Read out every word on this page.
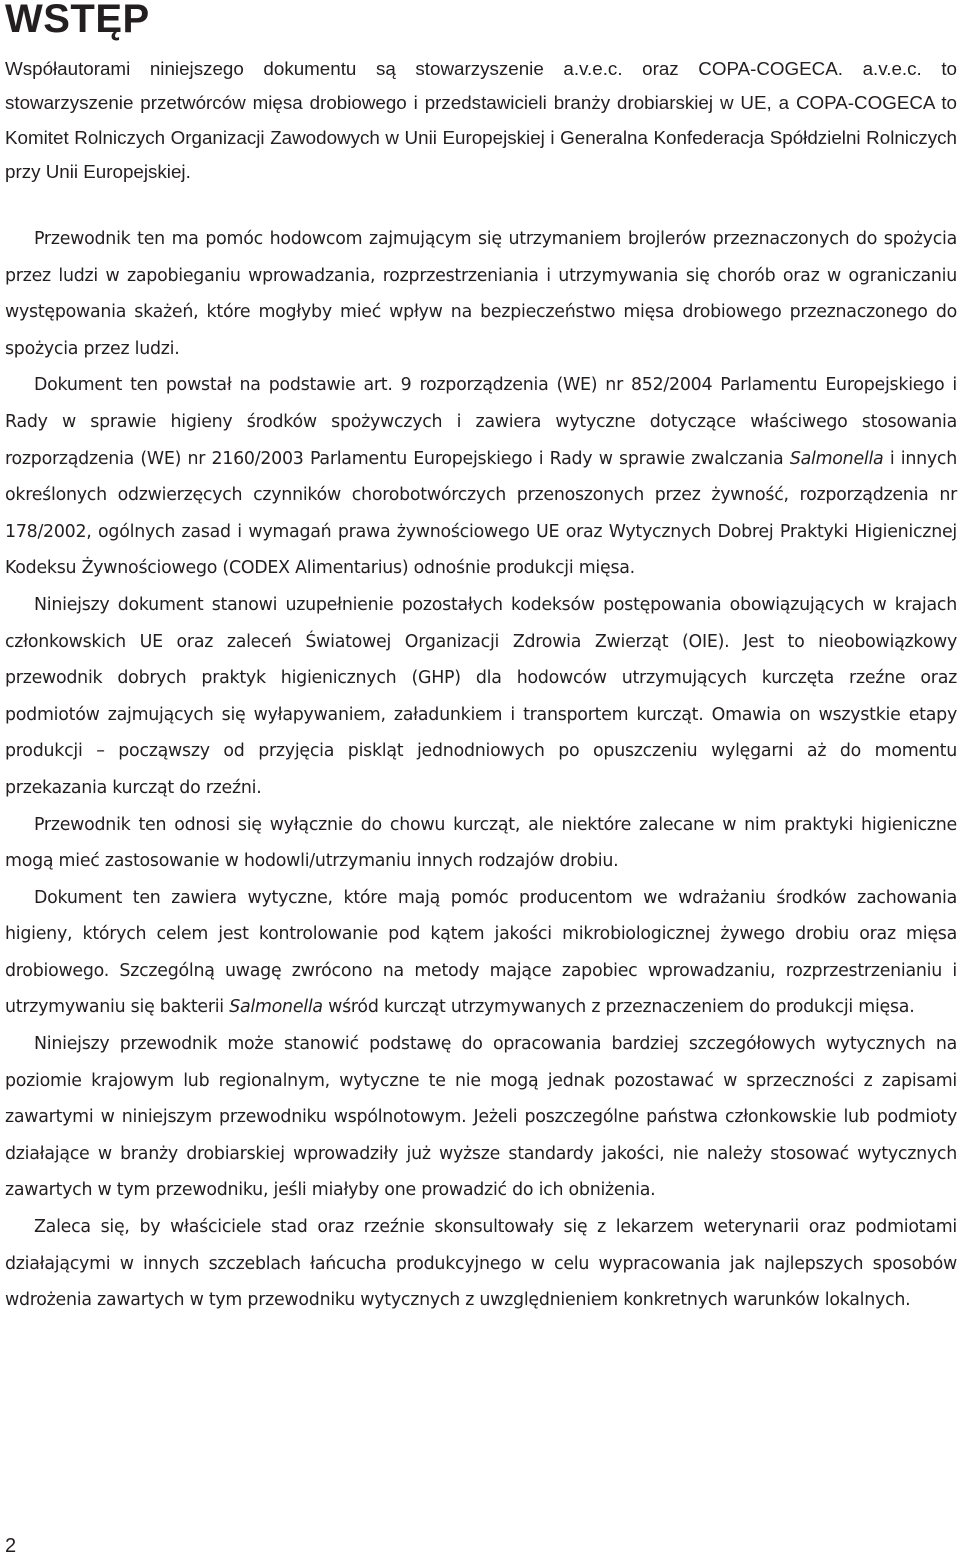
WSTĘP

Współautorami niniejszego dokumentu są stowarzyszenie a.v.e.c. oraz COPA-COGECA. a.v.e.c. to stowarzyszenie przetwórców mięsa drobiowego i przedstawicieli branży drobiarskiej w UE, a COPA-COGECA to Komitet Rolniczych Organizacji Zawodowych w Unii Europejskiej i Generalna Konfederacja Spółdzielni Rolniczych przy Unii Europejskiej.

Przewodnik ten ma pomóc hodowcom zajmującym się utrzymaniem brojlerów przeznaczonych do spożycia przez ludzi w zapobieganiu wprowadzania, rozprzestrzeniania i utrzymywania się chorób oraz w ograniczaniu występowania skażeń, które mogłyby mieć wpływ na bezpieczeństwo mięsa drobiowego przeznaczonego do spożycia przez ludzi.

Dokument ten powstał na podstawie art. 9 rozporządzenia (WE) nr 852/2004 Parlamentu Europejskiego i Rady w sprawie higieny środków spożywczych i zawiera wytyczne dotyczące właściwego stosowania rozporządzenia (WE) nr 2160/2003 Parlamentu Europejskiego i Rady w sprawie zwalczania Salmonella i innych określonych odzwierzęcych czynników chorobotwórczych przenoszonych przez żywność, rozporządzenia nr 178/2002, ogólnych zasad i wymagań prawa żywnościowego UE oraz Wytycznych Dobrej Praktyki Higienicznej Kodeksu Żywnościowego (CODEX Alimentarius) odnośnie produkcji mięsa.

Niniejszy dokument stanowi uzupełnienie pozostałych kodeksów postępowania obowiązujących w krajach członkowskich UE oraz zaleceń Światowej Organizacji Zdrowia Zwierząt (OIE). Jest to nieobowiązkowy przewodnik dobrych praktyk higienicznych (GHP) dla hodowców utrzymujących kurczęta rzeźne oraz podmiotów zajmujących się wyłapywaniem, załadunkiem i transportem kurcząt. Omawia on wszystkie etapy produkcji – począwszy od przyjęcia piskląt jednodniowych po opuszczeniu wylęgarni aż do momentu przekazania kurcząt do rzeźni.

Przewodnik ten odnosi się wyłącznie do chowu kurcząt, ale niektóre zalecane w nim praktyki higieniczne mogą mieć zastosowanie w hodowli/utrzymaniu innych rodzajów drobiu.

Dokument ten zawiera wytyczne, które mają pomóc producentom we wdrażaniu środków zachowania higieny, których celem jest kontrolowanie pod kątem jakości mikrobiologicznej żywego drobiu oraz mięsa drobiowego. Szczególną uwagę zwrócono na metody mające zapobiec wprowadzaniu, rozprzestrzenianiu i utrzymywaniu się bakterii Salmonella wśród kurcząt utrzymywanych z przeznaczeniem do produkcji mięsa.

Niniejszy przewodnik może stanowić podstawę do opracowania bardziej szczegółowych wytycznych na poziomie krajowym lub regionalnym, wytyczne te nie mogą jednak pozostawać w sprzeczności z zapisami zawartymi w niniejszym przewodniku wspólnotowym. Jeżeli poszczególne państwa członkowskie lub podmioty działające w branży drobiarskiej wprowadziły już wyższe standardy jakości, nie należy stosować wytycznych zawartych w tym przewodniku, jeśli miałyby one prowadzić do ich obniżenia.

Zaleca się, by właściciele stad oraz rzeźnie skonsultowały się z lekarzem weterynarii oraz podmiotami działającymi w innych szczeblach łańcucha produkcyjnego w celu wypracowania jak najlepszych sposobów wdrożenia zawartych w tym przewodniku wytycznych z uwzględnieniem konkretnych warunków lokalnych.

2
